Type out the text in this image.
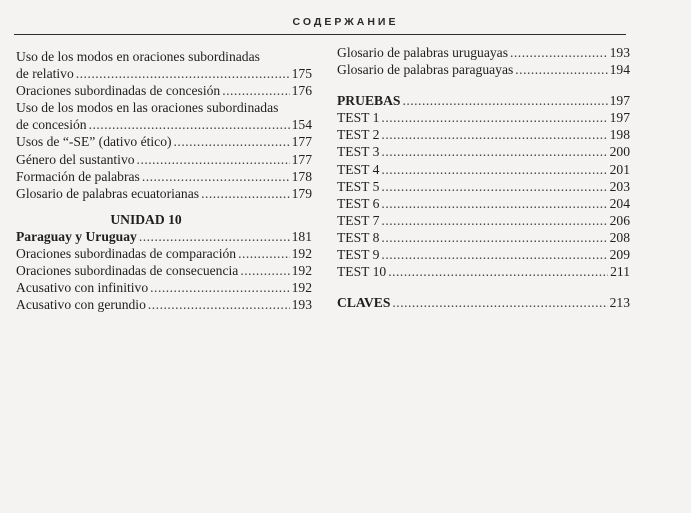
СОДЕРЖАНИЕ
Uso de los modos en oraciones subordinadas
de relativo .....	175
Oraciones subordinadas de concesión .....	176
Uso de los modos en las oraciones subordinadas
de concesión .....	154
Usos de “-SE” (dativo ético) .....	177
Género del sustantivo .....	177
Formación de palabras .....	178
Glosario de palabras ecuatorianas .....	179
UNIDAD 10
Paraguay y Uruguay .....	181
Oraciones subordinadas de comparación .....	192
Oraciones subordinadas de consecuencia .....	192
Acusativo con infinitivo .....	192
Acusativo con gerundio .....	193
Glosario de palabras uruguayas .....	193
Glosario de palabras paraguayas .....	194
PRUEBAS .....	197
TEST 1 .....	197
TEST 2 .....	198
TEST 3 .....	200
TEST 4 .....	201
TEST 5 .....	203
TEST 6 .....	204
TEST 7 .....	206
TEST 8 .....	208
TEST 9 .....	209
TEST 10 .....	211
CLAVES .....	213
